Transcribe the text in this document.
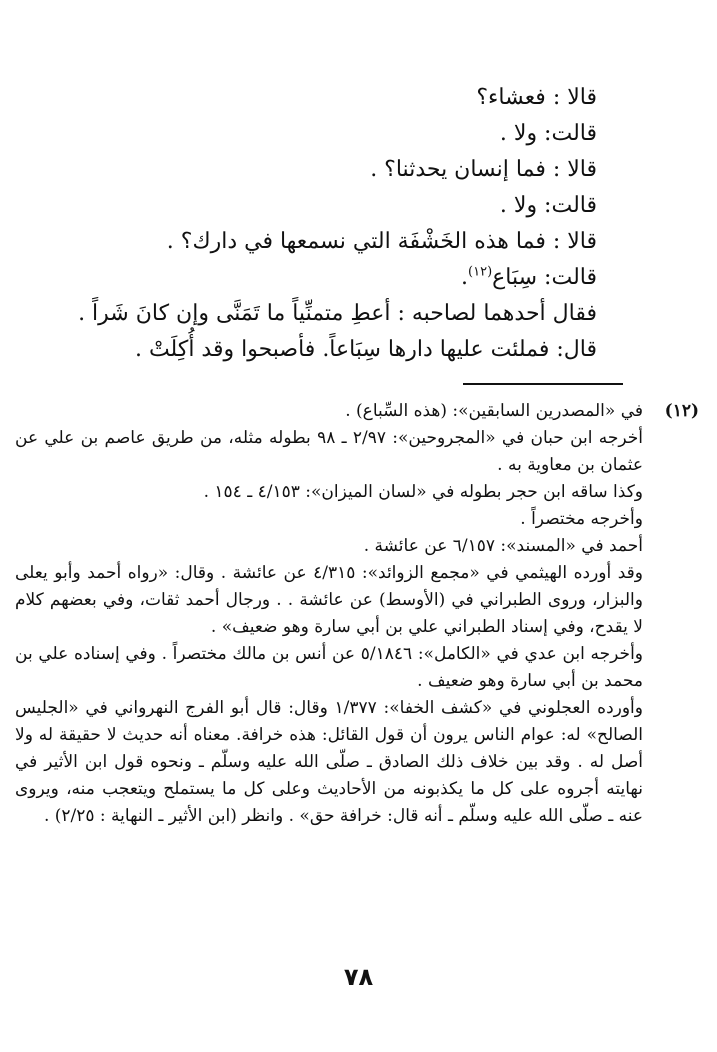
قالا : فعشاء؟
قالت: ولا .
قالا : فما إنسان يحدثنا؟ .
قالت: ولا .
قالا : فما هذه الخَشْفَة التي نسمعها في دارك؟ .
قالت: سِبَاع$^{(١٢)}$.
فقال أحدهما لصاحبه : أعطِ متمنِّياً ما تَمَنَّى وإن كانَ شَراً .
قال: فملئت عليها دارها سِبَاعاً. فأصبحوا وقد أُكِلَتْ .
(١٢)

في «المصدرين السابقين»: (هذه السِّباع) .

أخرجه ابن حبان في «المجروحين»: ٢/٩٧ ـ ٩٨ بطوله مثله، من طريق عاصم بن علي عن عثمان بن معاوية به .

وكذا ساقه ابن حجر بطوله في «لسان الميزان»: ٤/١٥٣ ـ ١٥٤ .

وأخرجه مختصراً .

أحمد في «المسند»: ٦/١٥٧ عن عائشة .

وقد أورده الهيثمي في «مجمع الزوائد»: ٤/٣١٥ عن عائشة . وقال: «رواه أحمد وأبو يعلى والبزار، وروى الطبراني في (الأوسط) عن عائشة . . ورجال أحمد ثقات، وفي بعضهم كلام لا يقدح، وفي إسناد الطبراني علي بن أبي سارة وهو ضعيف» .

وأخرجه ابن عدي في «الكامل»: ٥/١٨٤٦ عن أنس بن مالك مختصراً . وفي إسناده علي بن محمد بن أبي سارة وهو ضعيف .

وأورده العجلوني في «كشف الخفا»: ١/٣٧٧ وقال: قال أبو الفرج النهرواني في «الجليس الصالح» له: عوام الناس يرون أن قول القائل: هذه خرافة. معناه أنه حديث لا حقيقة له ولا أصل له . وقد بين خلاف ذلك الصادق ـ صلّى الله عليه وسلّم ـ ونحوه قول ابن الأثير في نهايته أجروه على كل ما يكذبونه من الأحاديث وعلى كل ما يستملح ويتعجب منه، ويروى عنه ـ صلّى الله عليه وسلّم ـ أنه قال: خرافة حق» . وانظر (ابن الأثير ـ النهاية : ٢/٢٥) .

٧٨
